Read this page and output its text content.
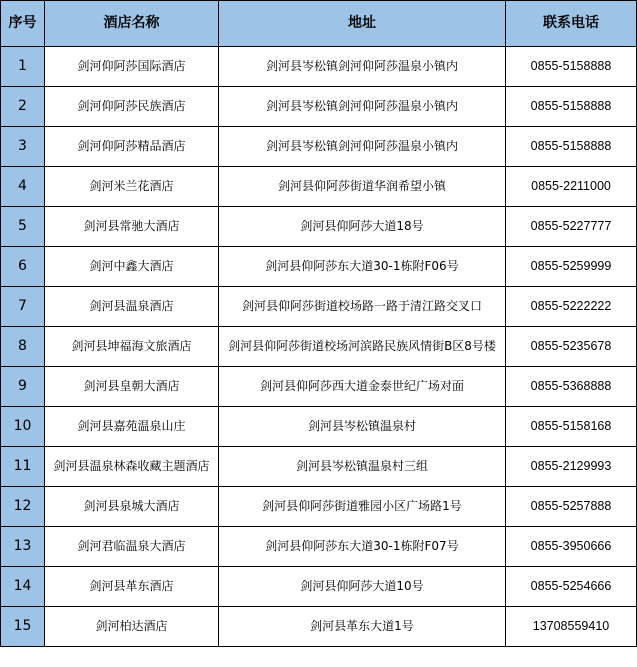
序号	酒店名称	地址	联系电话
1	剑河仰阿莎国际酒店	剑河县岑松镇剑河仰阿莎温泉小镇内	0855-5158888
2	剑河仰阿莎民族酒店	剑河县岑松镇剑河仰阿莎温泉小镇内	0855-5158888
3	剑河仰阿莎精品酒店	剑河县岑松镇剑河仰阿莎温泉小镇内	0855-5158888
4	剑河米兰花酒店	剑河县仰阿莎街道华润希望小镇	0855-2211000
5	剑河县常驰大酒店	剑河县仰阿莎大道18号	0855-5227777
6	剑河中鑫大酒店	剑河县仰阿莎东大道30-1栋附F06号	0855-5259999
7	剑河县温泉酒店	剑河县仰阿莎街道校场路一路于清江路交叉口	0855-5222222
8	剑河县坤福海文旅酒店	剑河县仰阿莎街道校场河滨路民族风情街B区8号楼	0855-5235678
9	剑河县皇朝大酒店	剑河县仰阿莎西大道金泰世纪广场对面	0855-5368888
10	剑河县嘉苑温泉山庄	剑河县岑松镇温泉村	0855-5158168
11	剑河县温泉林森收藏主题酒店	剑河县岑松镇温泉村三组	0855-2129993
12	剑河县泉城大酒店	剑河县仰阿莎街道雅园小区广场路1号	0855-5257888
13	剑河君临温泉大酒店	剑河县仰阿莎东大道30-1栋附F07号	0855-3950666
14	剑河县革东酒店	剑河县仰阿莎大道10号	0855-5254666
15	剑河柏达酒店	剑河县革东大道1号	13708559410
